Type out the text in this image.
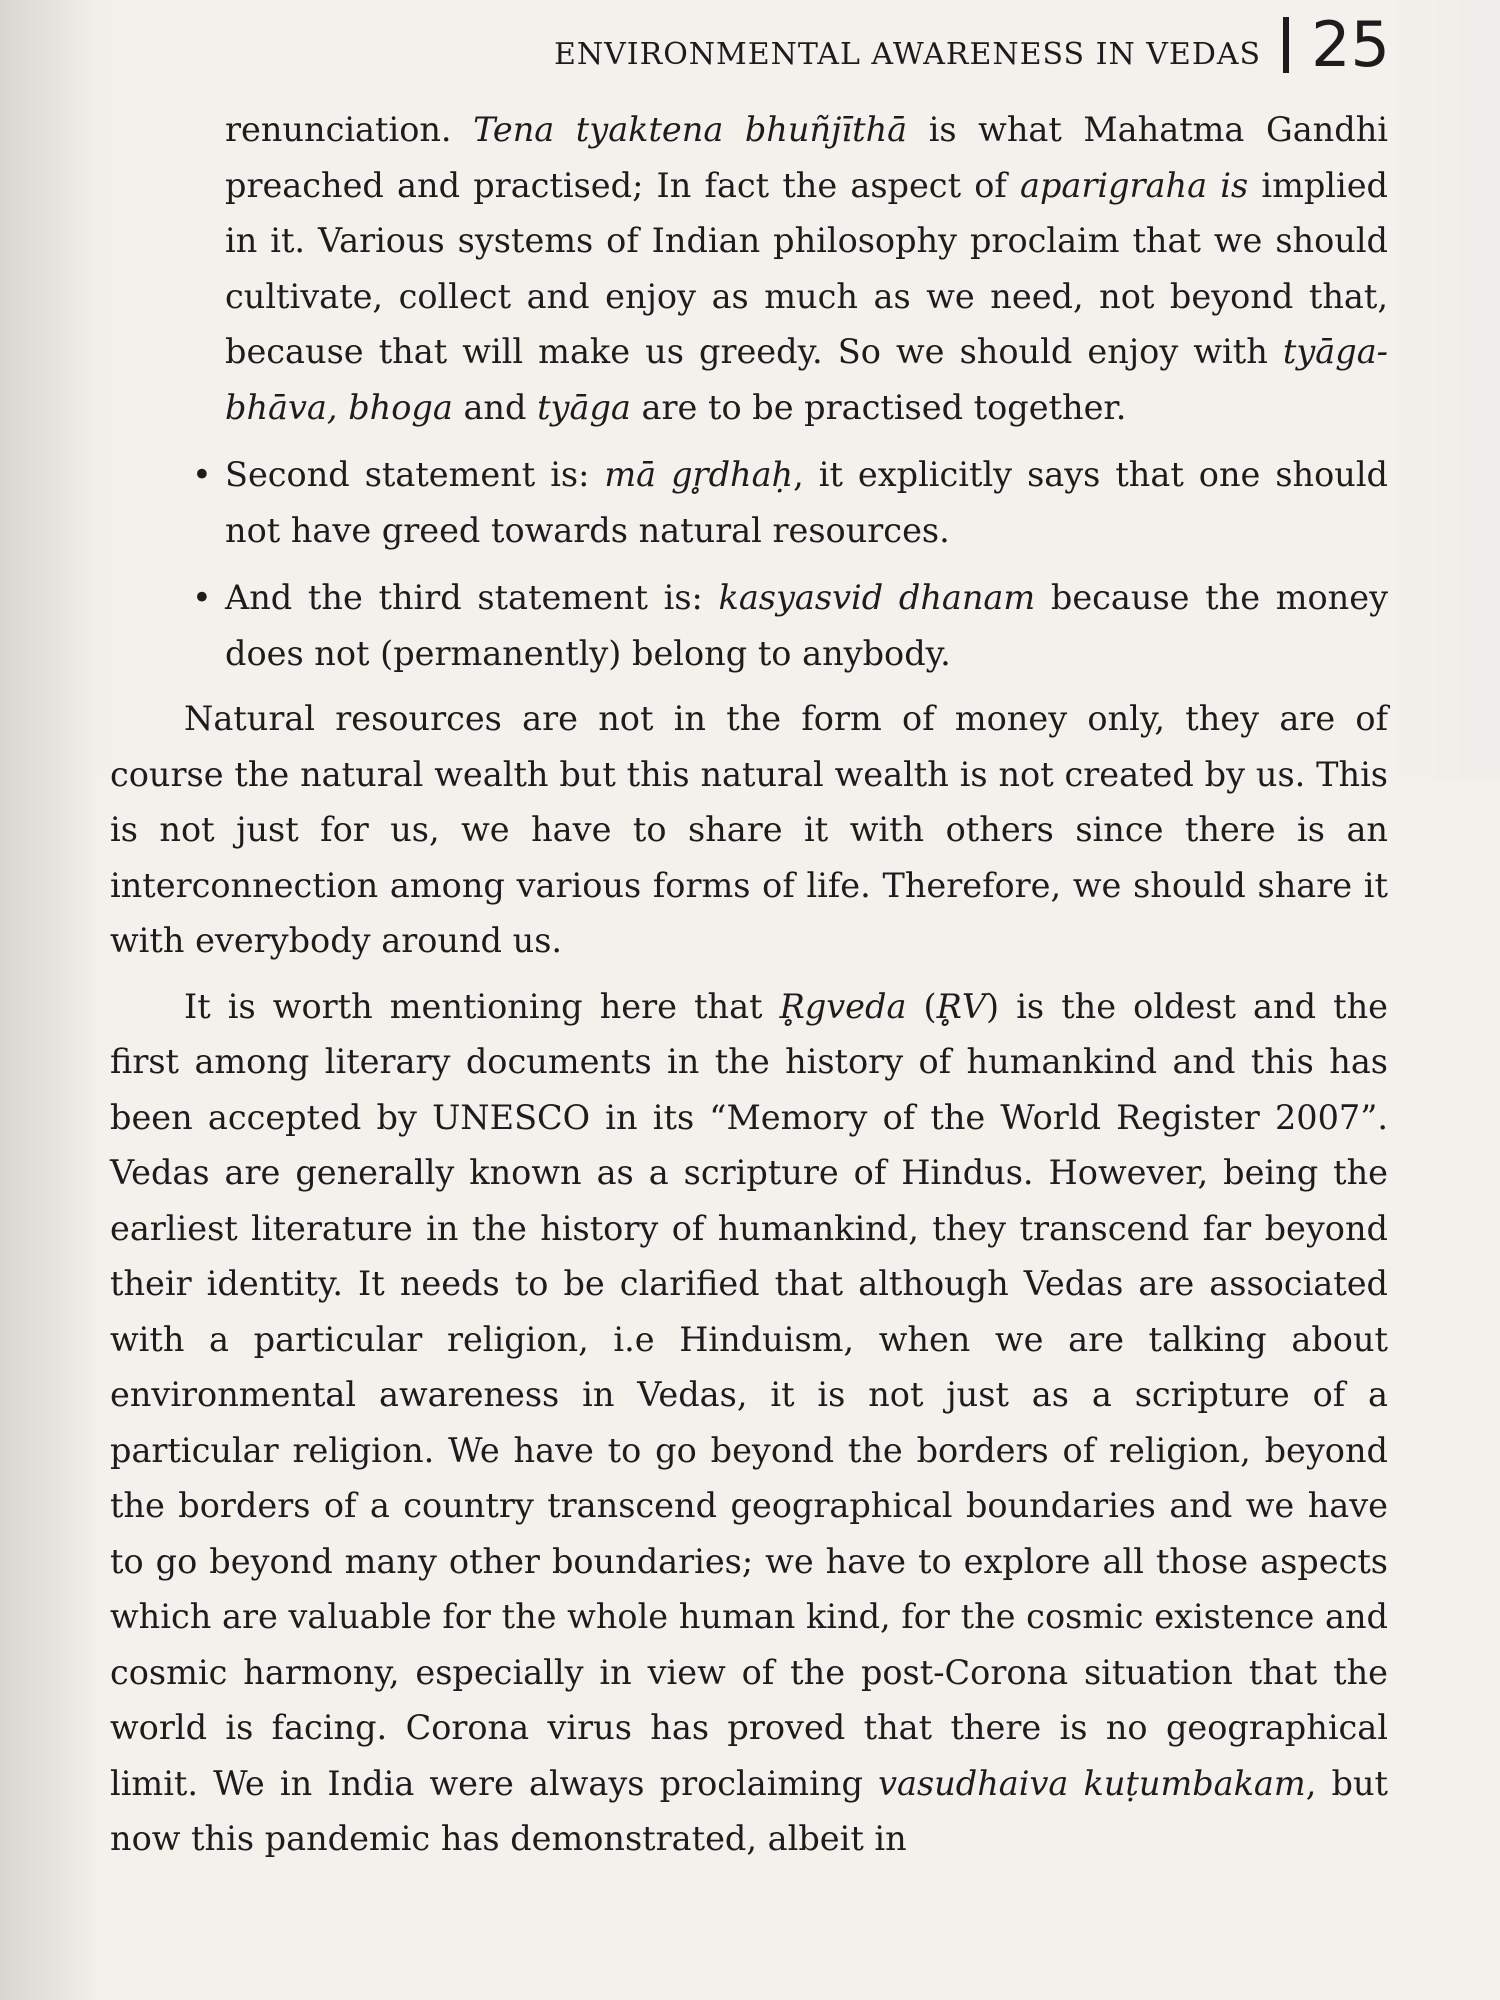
ENVIRONMENTAL AWARENESS IN VEDAS 25

renunciation. Tena tyaktena bhuñjīthā is what Mahatma Gandhi preached and practised; In fact the aspect of aparigraha is implied in it. Various systems of Indian philosophy proclaim that we should cultivate, collect and enjoy as much as we need, not beyond that, because that will make us greedy. So we should enjoy with tyāga-bhāva, bhoga and tyāga are to be practised together.

• Second statement is: mā gr̥dhaḥ, it explicitly says that one should not have greed towards natural resources.

• And the third statement is: kasyasvid dhanam because the money does not (permanently) belong to anybody.

Natural resources are not in the form of money only, they are of course the natural wealth but this natural wealth is not created by us. This is not just for us, we have to share it with others since there is an interconnection among various forms of life. Therefore, we should share it with everybody around us.

It is worth mentioning here that R̥gveda (R̥V) is the oldest and the first among literary documents in the history of humankind and this has been accepted by UNESCO in its “Memory of the World Register 2007”. Vedas are generally known as a scripture of Hindus. However, being the earliest literature in the history of humankind, they transcend far beyond their identity. It needs to be clarified that although Vedas are associated with a particular religion, i.e Hinduism, when we are talking about environmental awareness in Vedas, it is not just as a scripture of a particular religion. We have to go beyond the borders of religion, beyond the borders of a country transcend geographical boundaries and we have to go beyond many other boundaries; we have to explore all those aspects which are valuable for the whole human kind, for the cosmic existence and cosmic harmony, especially in view of the post-Corona situation that the world is facing. Corona virus has proved that there is no geographical limit. We in India were always proclaiming vasudhaiva kuṭumbakam, but now this pandemic has demonstrated, albeit in
